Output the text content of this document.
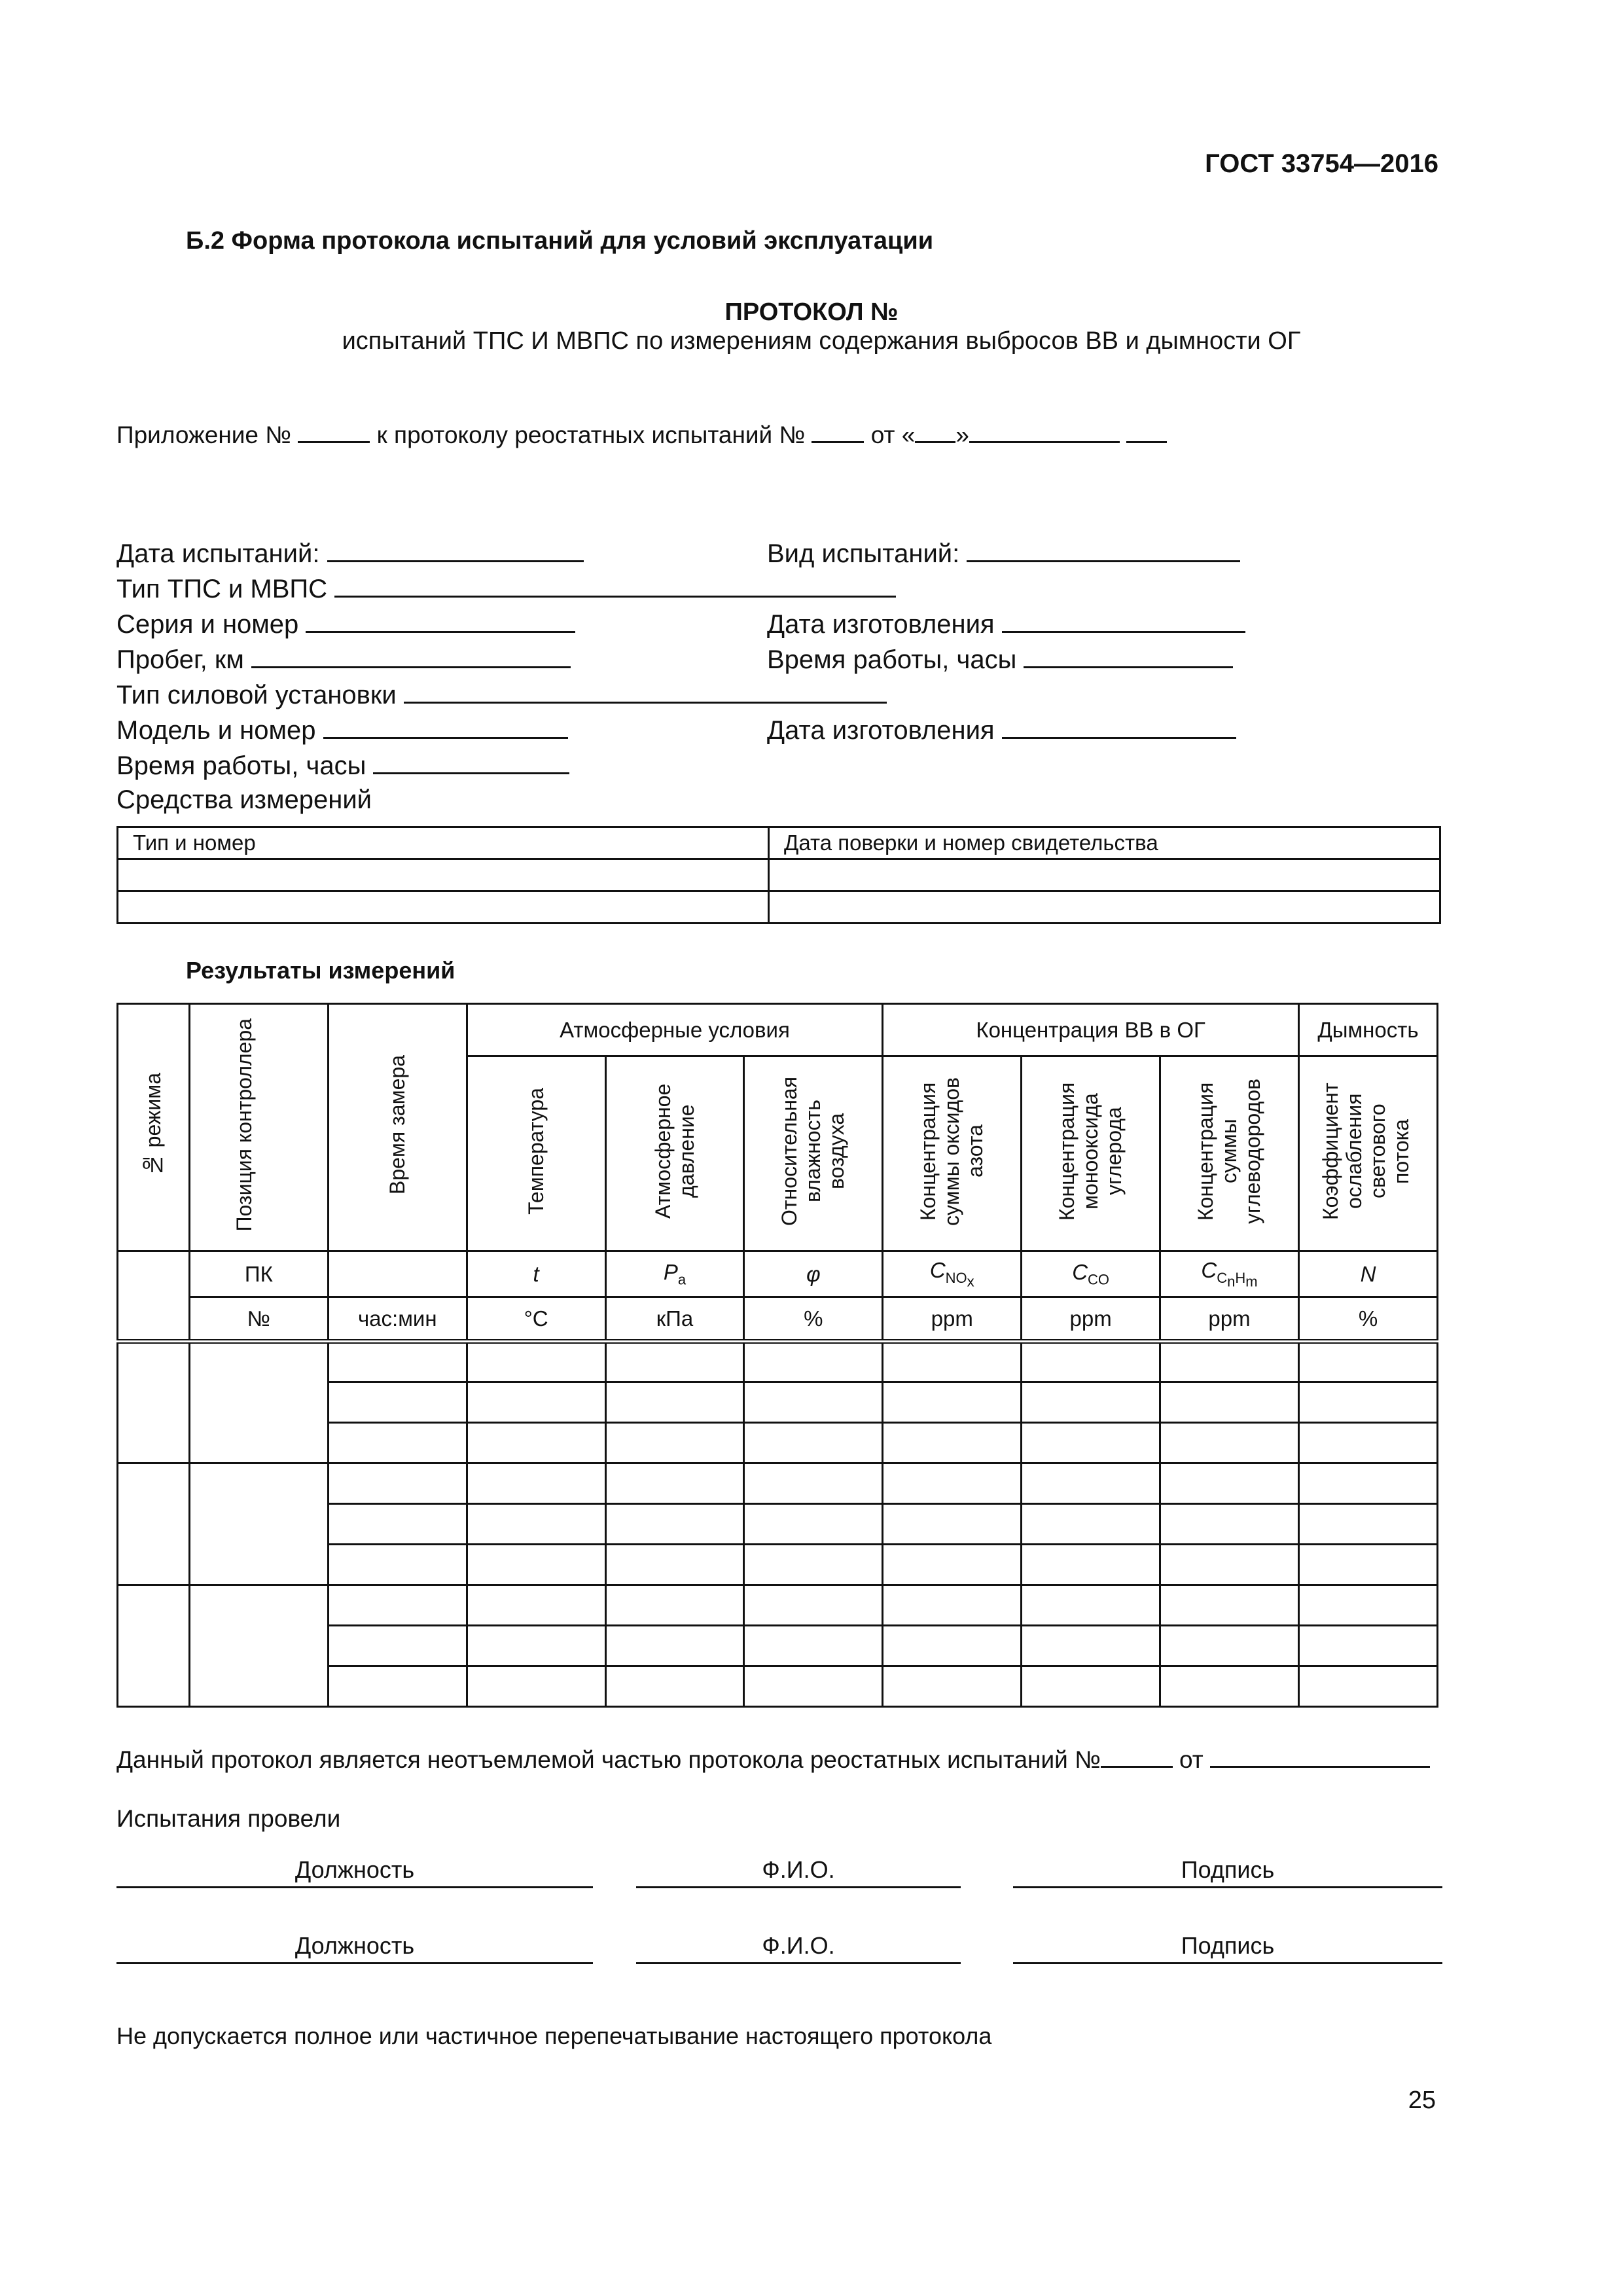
ГОСТ 33754—2016
Б.2 Форма протокола испытаний для условий эксплуатации
ПРОТОКОЛ №
испытаний ТПС И МВПС по измерениям содержания выбросов ВВ и дымности ОГ
Приложение №	к протоколу реостатных испытаний №	от « »
Дата испытаний:	Вид испытаний:
Тип ТПС и МВПС
Серия и номер	Дата изготовления
Пробег, км	Время работы, часы
Тип силовой установки
Модель и номер	Дата изготовления
Время работы, часы
Средства измерений
Тип и номер	Дата поверки и номер свидетельства

Результаты измерений
№ режима	Позиция контроллера	Время замера	Атмосферные условия			Концентрация ВВ в ОГ			Дымность
			Температура	Атмосферное давление	Относительная влажность воздуха	Концентрация суммы оксидов азота	Концентрация монооксида углерода	Концентрация суммы углеводородов	Коэффициент ослабления светового потока
	ПК		t	$P_a$	φ	$C_{NO_x}$	$C_{CO}$	$C_{C_nH_m}$	N
	№	час:мин	°C	кПа	%	ppm	ppm	ppm	%

Данный протокол является неотъемлемой частью протокола реостатных испытаний №	от
Испытания провели
Должность	Ф.И.О.	Подпись
Должность	Ф.И.О.	Подпись
Не допускается полное или частичное перепечатывание настоящего протокола
25
